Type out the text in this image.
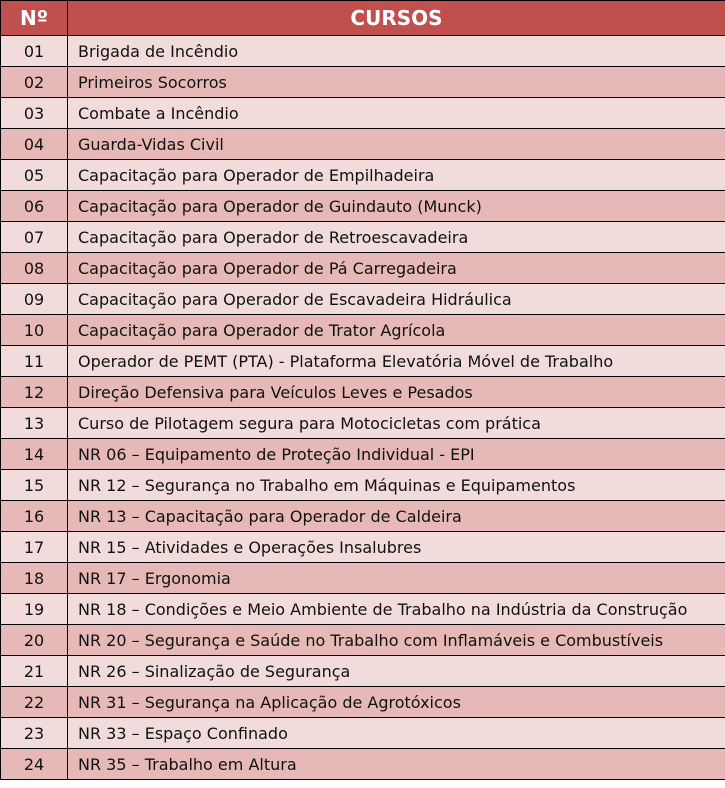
Nº	CURSOS
01	Brigada de Incêndio
02	Primeiros Socorros
03	Combate a Incêndio
04	Guarda-Vidas Civil
05	Capacitação para Operador de Empilhadeira
06	Capacitação para Operador de Guindauto (Munck)
07	Capacitação para Operador de Retroescavadeira
08	Capacitação para Operador de Pá Carregadeira
09	Capacitação para Operador de Escavadeira Hidráulica
10	Capacitação para Operador de Trator Agrícola
11	Operador de PEMT (PTA) - Plataforma Elevatória Móvel de Trabalho
12	Direção Defensiva para Veículos Leves e Pesados
13	Curso de Pilotagem segura para Motocicletas com prática
14	NR 06 – Equipamento de Proteção Individual - EPI
15	NR 12 – Segurança no Trabalho em Máquinas e Equipamentos
16	NR 13 – Capacitação para Operador de Caldeira
17	NR 15 – Atividades e Operações Insalubres
18	NR 17 – Ergonomia
19	NR 18 – Condições e Meio Ambiente de Trabalho na Indústria da Construção
20	NR 20 – Segurança e Saúde no Trabalho com Inflamáveis e Combustíveis
21	NR 26 – Sinalização de Segurança
22	NR 31 – Segurança na Aplicação de Agrotóxicos
23	NR 33 – Espaço Confinado
24	NR 35 – Trabalho em Altura
